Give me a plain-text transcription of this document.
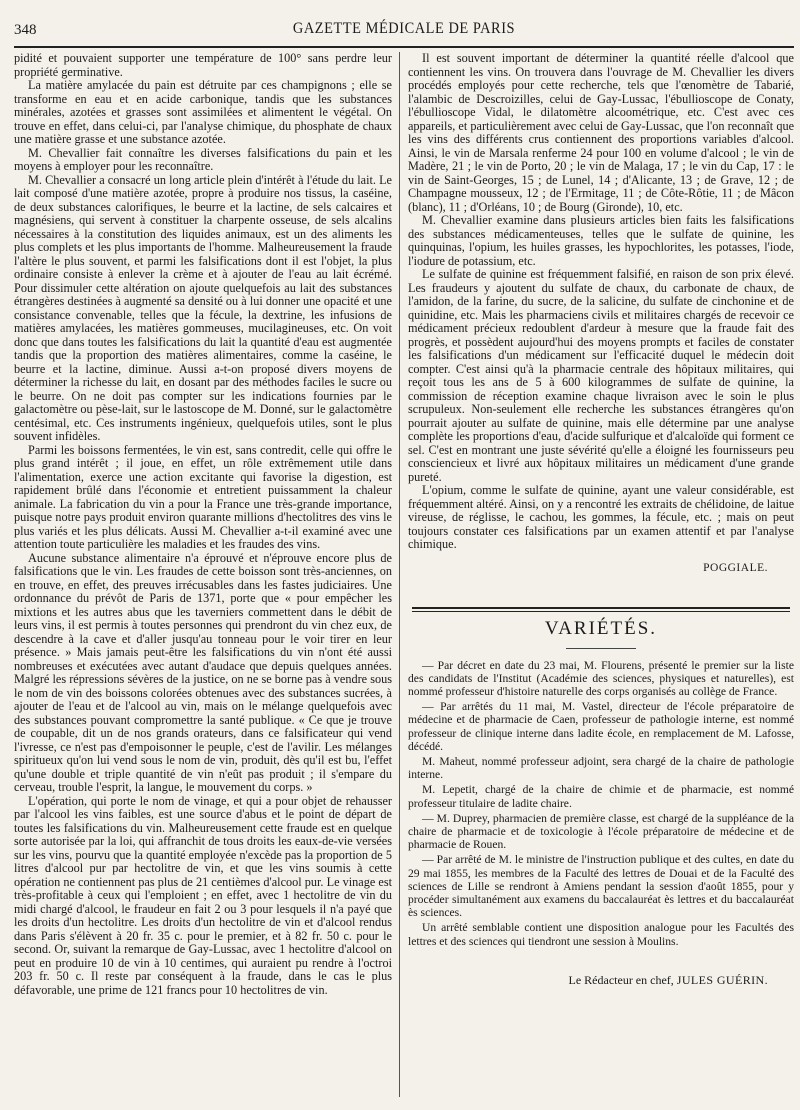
348	GAZETTE MÉDICALE DE PARIS

pidité et pouvaient supporter une température de 100° sans perdre leur propriété germinative.

La matière amylacée du pain est détruite par ces champignons ; elle se transforme en eau et en acide carbonique, tandis que les substances minérales, azotées et grasses sont assimilées et alimentent le végétal. On trouve en effet, dans celui-ci, par l'analyse chimique, du phosphate de chaux une matière grasse et une substance azotée.

M. Chevallier fait connaître les diverses falsifications du pain et les moyens à employer pour les reconnaître.

M. Chevallier a consacré un long article plein d'intérêt à l'étude du lait. Le lait composé d'une matière azotée, propre à produire nos tissus, la caséine, de deux substances calorifiques, le beurre et la lactine, de sels calcaires et magnésiens, qui servent à constituer la charpente osseuse, de sels alcalins nécessaires à la constitution des liquides animaux, est un des aliments les plus complets et les plus importants de l'homme. Malheureusement la fraude l'altère le plus souvent, et parmi les falsifications dont il est l'objet, la plus ordinaire consiste à enlever la crème et à ajouter de l'eau au lait écrémé. Pour dissimuler cette altération on ajoute quelquefois au lait des substances étrangères destinées à augmenté sa densité ou à lui donner une opacité et une consistance convenable, telles que la fécule, la dextrine, les infusions de matières amylacées, les matières gommeuses, mucilagineuses, etc. On voit donc que dans toutes les falsifications du lait la quantité d'eau est augmentée tandis que la proportion des matières alimentaires, comme la caséine, le beurre et la lactine, diminue. Aussi a-t-on proposé divers moyens de déterminer la richesse du lait, en dosant par des méthodes faciles le sucre ou le beurre. On ne doit pas compter sur les indications fournies par le galactomètre ou pèse-lait, sur le lastoscope de M. Donné, sur le galactomètre centésimal, etc. Ces instruments ingénieux, quelquefois utiles, sont le plus souvent infidèles.

Parmi les boissons fermentées, le vin est, sans contredit, celle qui offre le plus grand intérêt ; il joue, en effet, un rôle extrêmement utile dans l'alimentation, exerce une action excitante qui favorise la digestion, est rapidement brûlé dans l'économie et entretient puissamment la chaleur animale. La fabrication du vin a pour la France une très-grande importance, puisque notre pays produit environ quarante millions d'hectolitres des vins le plus variés et les plus délicats. Aussi M. Chevallier a-t-il examiné avec une attention toute particulière les maladies et les fraudes des vins.

Aucune substance alimentaire n'a éprouvé et n'éprouve encore plus de falsifications que le vin. Les fraudes de cette boisson sont très-anciennes, on en trouve, en effet, des preuves irrécusables dans les fastes judiciaires. Une ordonnance du prévôt de Paris de 1371, porte que « pour empêcher les mixtions et les autres abus que les taverniers commettent dans le débit de leurs vins, il est permis à toutes personnes qui prendront du vin chez eux, de descendre à la cave et d'aller jusqu'au tonneau pour le voir tirer en leur présence. » Mais jamais peut-être les falsifications du vin n'ont été aussi nombreuses et exécutées avec autant d'audace que depuis quelques années. Malgré les répressions sévères de la justice, on ne se borne pas à vendre sous le nom de vin des boissons colorées obtenues avec des substances sucrées, à ajouter de l'eau et de l'alcool au vin, mais on le mélange quelquefois avec des substances pouvant compromettre la santé publique. « Ce que je trouve de coupable, dit un de nos grands orateurs, dans ce falsificateur qui vend l'ivresse, ce n'est pas d'empoisonner le peuple, c'est de l'avilir. Les mélanges spiritueux qu'on lui vend sous le nom de vin, produit, dès qu'il est bu, l'effet qu'une double et triple quantité de vin n'eût pas produit ; il s'empare du cerveau, trouble l'esprit, la langue, le mouvement du corps. »

L'opération, qui porte le nom de vinage, et qui a pour objet de rehausser par l'alcool les vins faibles, est une source d'abus et le point de départ de toutes les falsifications du vin. Malheureusement cette fraude est en quelque sorte autorisée par la loi, qui affranchit de tous droits les eaux-de-vie versées sur les vins, pourvu que la quantité employée n'excède pas la proportion de 5 litres d'alcool pur par hectolitre de vin, et que les vins soumis à cette opération ne contiennent pas plus de 21 centièmes d'alcool pur. Le vinage est très-profitable à ceux qui l'emploient ; en effet, avec 1 hectolitre de vin du midi chargé d'alcool, le fraudeur en fait 2 ou 3 pour lesquels il n'a payé que les droits d'un hectolitre. Les droits d'un hectolitre de vin et d'alcool rendus dans Paris s'élèvent à 20 fr. 35 c. pour le premier, et à 82 fr. 50 c. pour le second. Or, suivant la remarque de Gay-Lussac, avec 1 hectolitre d'alcool on peut en produire 10 de vin à 10 centimes, qui auraient pu rendre à l'octroi 203 fr. 50 c. Il reste par conséquent à la fraude, dans le cas le plus défavorable, une prime de 121 francs pour 10 hectolitres de vin.

Il est souvent important de déterminer la quantité réelle d'alcool que contiennent les vins. On trouvera dans l'ouvrage de M. Chevallier les divers procédés employés pour cette recherche, tels que l'œnomètre de Tabarié, l'alambic de Descroizilles, celui de Gay-Lussac, l'ébullioscope de Conaty, l'ébullioscope Vidal, le dilatomètre alcoométrique, etc. C'est avec ces appareils, et particulièrement avec celui de Gay-Lussac, que l'on reconnaît que les vins des différents crus contiennent des proportions variables d'alcool. Ainsi, le vin de Marsala renferme 24 pour 100 en volume d'alcool ; le vin de Madère, 21 ; le vin de Porto, 20 ; le vin de Malaga, 17 ; le vin du Cap, 17 : le vin de Saint-Georges, 15 ; de Lunel, 14 ; d'Alicante, 13 ; de Grave, 12 ; de Champagne mousseux, 12 ; de l'Ermitage, 11 ; de Côte-Rôtie, 11 ; de Mâcon (blanc), 11 ; d'Orléans, 10 ; de Bourg (Gironde), 10, etc.

M. Chevallier examine dans plusieurs articles bien faits les falsifications des substances médicamenteuses, telles que le sulfate de quinine, les quinquinas, l'opium, les huiles grasses, les hypochlorites, les potasses, l'iode, l'iodure de potassium, etc.

Le sulfate de quinine est fréquemment falsifié, en raison de son prix élevé. Les fraudeurs y ajoutent du sulfate de chaux, du carbonate de chaux, de l'amidon, de la farine, du sucre, de la salicine, du sulfate de cinchonine et de quinidine, etc. Mais les pharmaciens civils et militaires chargés de recevoir ce médicament précieux redoublent d'ardeur à mesure que la fraude fait des progrès, et possèdent aujourd'hui des moyens prompts et faciles de constater les falsifications d'un médicament sur l'efficacité duquel le médecin doit compter. C'est ainsi qu'à la pharmacie centrale des hôpitaux militaires, qui reçoit tous les ans de 5 à 600 kilogrammes de sulfate de quinine, la commission de réception examine chaque livraison avec le soin le plus scrupuleux. Non-seulement elle recherche les substances étrangères qu'on pourrait ajouter au sulfate de quinine, mais elle détermine par une analyse complète les proportions d'eau, d'acide sulfurique et d'alcaloïde qui forment ce sel. C'est en montrant une juste sévérité qu'elle a éloigné les fournisseurs peu consciencieux et livré aux hôpitaux militaires un médicament d'une grande pureté.

L'opium, comme le sulfate de quinine, ayant une valeur considérable, est fréquemment altéré. Ainsi, on y a rencontré les extraits de chélidoine, de laitue vireuse, de réglisse, le cachou, les gommes, la fécule, etc. ; mais on peut toujours constater ces falsifications par un examen attentif et par l'analyse chimique.

POGGIALE.
VARIÉTÉS.

— Par décret en date du 23 mai, M. Flourens, présenté le premier sur la liste des candidats de l'Institut (Académie des sciences, physiques et naturelles), est nommé professeur d'histoire naturelle des corps organisés au collège de France.

— Par arrêtés du 11 mai, M. Vastel, directeur de l'école préparatoire de médecine et de pharmacie de Caen, professeur de pathologie interne, est nommé professeur de clinique interne dans ladite école, en remplacement de M. Lafosse, décédé.

M. Maheut, nommé professeur adjoint, sera chargé de la chaire de pathologie interne.

M. Lepetit, chargé de la chaire de chimie et de pharmacie, est nommé professeur titulaire de ladite chaire.

— M. Duprey, pharmacien de première classe, est chargé de la suppléance de la chaire de pharmacie et de toxicologie à l'école préparatoire de médecine et de pharmacie de Rouen.

— Par arrêté de M. le ministre de l'instruction publique et des cultes, en date du 29 mai 1855, les membres de la Faculté des lettres de Douai et de la Faculté des sciences de Lille se rendront à Amiens pendant la session d'août 1855, pour y procéder simultanément aux examens du baccalauréat ès lettres et du baccalauréat ès sciences.

Un arrêté semblable contient une disposition analogue pour les Facultés des lettres et des sciences qui tiendront une session à Moulins.

Le Rédacteur en chef, JULES GUÉRIN.
